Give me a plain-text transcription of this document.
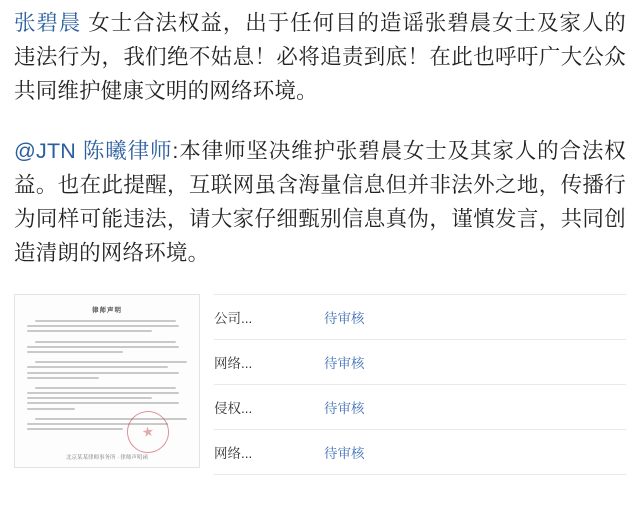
张碧晨 女士合法权益，出于任何目的造谣张碧晨女士及家人的违法行为，我们绝不姑息！必将追责到底！在此也呼吁广大公众共同维护健康文明的网络环境。

@JTN 陈曦律师:本律师坚决维护张碧晨女士及其家人的合法权益。也在此提醒，互联网虽含海量信息但并非法外之地，传播行为同样可能违法，请大家仔细甄别信息真伪，谨慎发言，共同创造清朗的网络环境。

律师声明
北京某某律师事务所 · 律师声明函
公司...	待审核
网络...	待审核
侵权...	待审核
网络...	待审核
